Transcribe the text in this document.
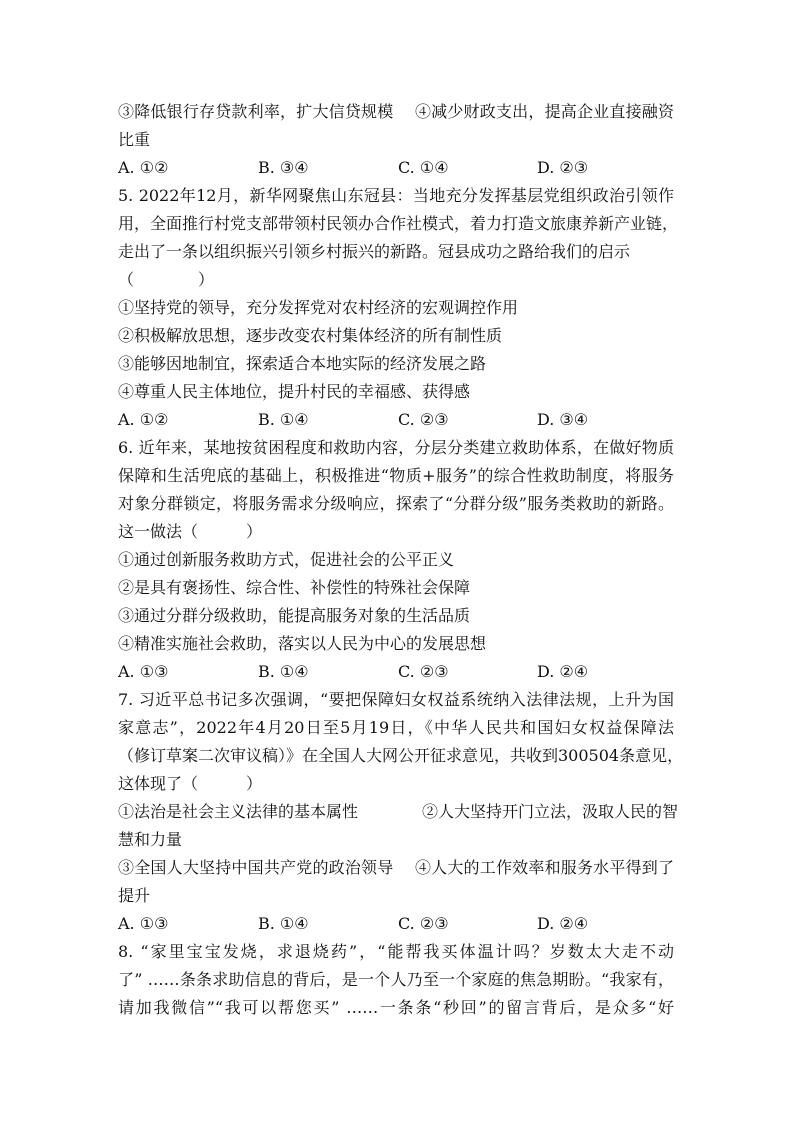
③降低银行存贷款利率，扩大信贷规模　 ④减少财政支出，提高企业直接融资
比重
A. ①②	B. ③④	C. ①④	D. ②③
5. 2022年12月，新华网聚焦山东冠县：当地充分发挥基层党组织政治引领作
用，全面推行村党支部带领村民领办合作社模式，着力打造文旅康养新产业链，
走出了一条以组织振兴引领乡村振兴的新路。冠县成功之路给我们的启示
（　　　　）
①坚持党的领导，充分发挥党对农村经济的宏观调控作用
②积极解放思想，逐步改变农村集体经济的所有制性质
③能够因地制宜，探索适合本地实际的经济发展之路
④尊重人民主体地位，提升村民的幸福感、获得感
A. ①②	B. ①④	C. ②③	D. ③④
6. 近年来，某地按贫困程度和救助内容，分层分类建立救助体系，在做好物质
保障和生活兜底的基础上，积极推进“物质+服务”的综合性救助制度，将服务
对象分群锁定，将服务需求分级响应，探索了“分群分级”服务类救助的新路。
这一做法（　　　）
①通过创新服务救助方式，促进社会的公平正义
②是具有褒扬性、综合性、补偿性的特殊社会保障
③通过分群分级救助，能提高服务对象的生活品质
④精准实施社会救助，落实以人民为中心的发展思想
A. ①③	B. ①④	C. ②③	D. ②④
7. 习近平总书记多次强调，“要把保障妇女权益系统纳入法律法规，上升为国
家意志”，2022年4月20日至5月19日，《中华人民共和国妇女权益保障法
（修订草案二次审议稿）》在全国人大网公开征求意见，共收到300504条意见，
这体现了（　　　）
①法治是社会主义法律的基本属性　　　　②人大坚持开门立法，汲取人民的智
慧和力量
③全国人大坚持中国共产党的政治领导　 ④人大的工作效率和服务水平得到了
提升
A. ①③	B. ①④	C. ②③	D. ②④
8. “家里宝宝发烧，求退烧药”，“能帮我买体温计吗？岁数太大走不动
了” ……条条求助信息的背后，是一个人乃至一个家庭的焦急期盼。“我家有，
请加我微信”“我可以帮您买” ……一条条“秒回”的留言背后，是众多“好
